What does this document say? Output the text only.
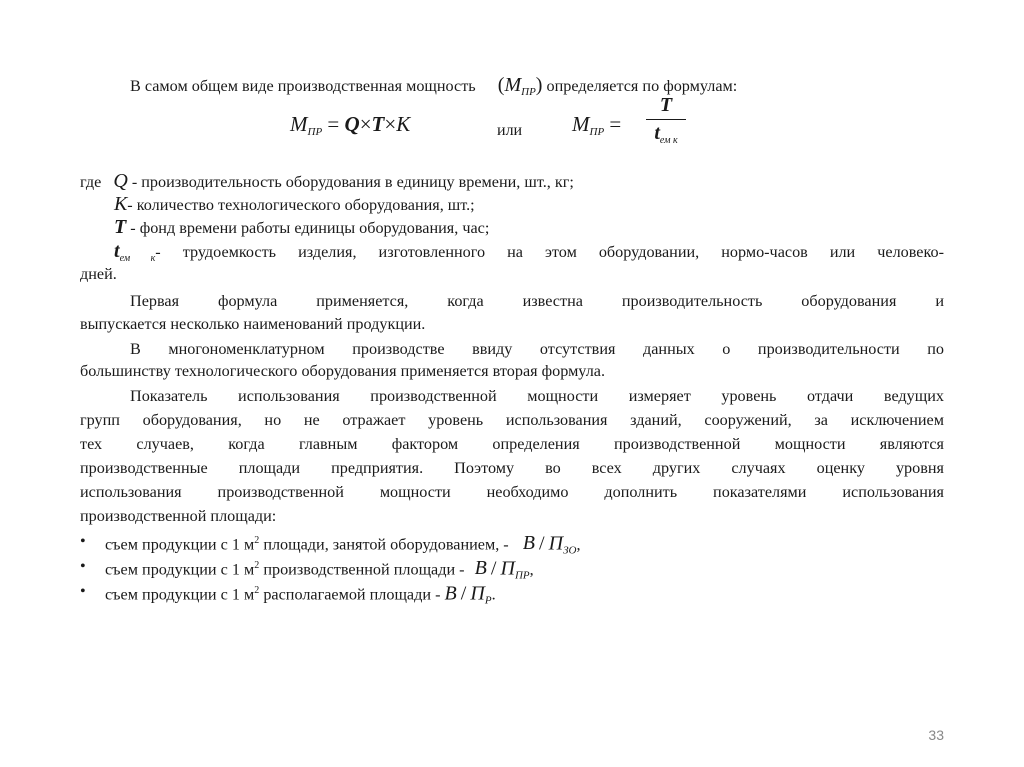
В самом общем виде производственная мощность $(М_{ПР})$ определяется по формулам:
$М_{ПР} = Q\times T\times К$	или $М_{ПР}$ =
T
$t_{ем к}$
где Q - производительность оборудования в единицу времени, шт., кг;
К- количество технологического оборудования, шт.;
T - фонд времени работы единицы оборудования, час;
$t_{ем к}-$ трудоемкость изделия, изготовленного на этом оборудовании, нормо-часов или человеко-
дней.
Первая формула применяется, когда известна производительность оборудования и
выпускается несколько наименований продукции.
В многономенклатурном производстве ввиду отсутствия данных о производительности по
большинству технологического оборудования применяется вторая формула.
Показатель использования производственной мощности измеряет уровень отдачи ведущих
групп оборудования, но не отражает уровень использования зданий, сооружений, за исключением
тех случаев, когда главным фактором определения производственной мощности являются
производственные площади предприятия. Поэтому во всех других случаях оценку уровня
использования производственной мощности необходимо дополнить показателями использования
производственной площади:
• съем продукции с 1 $м^2$ площади, занятой оборудованием, - В / $П_{ЗО}$,
• съем продукции с 1 $м^2$ производственной площади - В / $П_{ПР}$,
• съем продукции с 1 $м^2$ располагаемой площади - В / $П_Р$.
33
